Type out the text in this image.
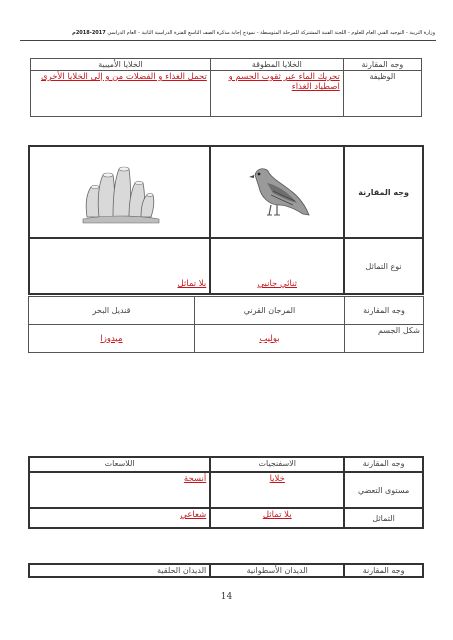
وزارة التربية - التوجيه الفني العام للعلوم - اللجنة الفنية المشتركة للمرحلة المتوسطة - نموذج إجابة مذكرة الصف التاسع للفترة الدراسية الثانية - العام الدراسي 2017-2018م
وجه المقارنة	الخلايا المطوقة	الخلايا الأميبية
الوظيفة	تحريك الماء عبر ثقوب الجسم و اصطياد الغذاء	تحمل الغذاء و الفضلات من و إلى الخلايا الأخرى
وجه المقارنة	

نوع التماثل	ثنائي جانبي	بلا تماثل
وجه المقارنة	المرجان القرني	قنديل البحر
شكل الجسم	بوليب	ميدوزا
وجه المقارنة	الاسفنجيات	اللاسعات
مستوى التعضي	خلايا	أنسجة
التماثل	بلا تماثل	شعاعي
وجه المقارنة	الديدان الأسطوانية	الديدان الحلقية
14
